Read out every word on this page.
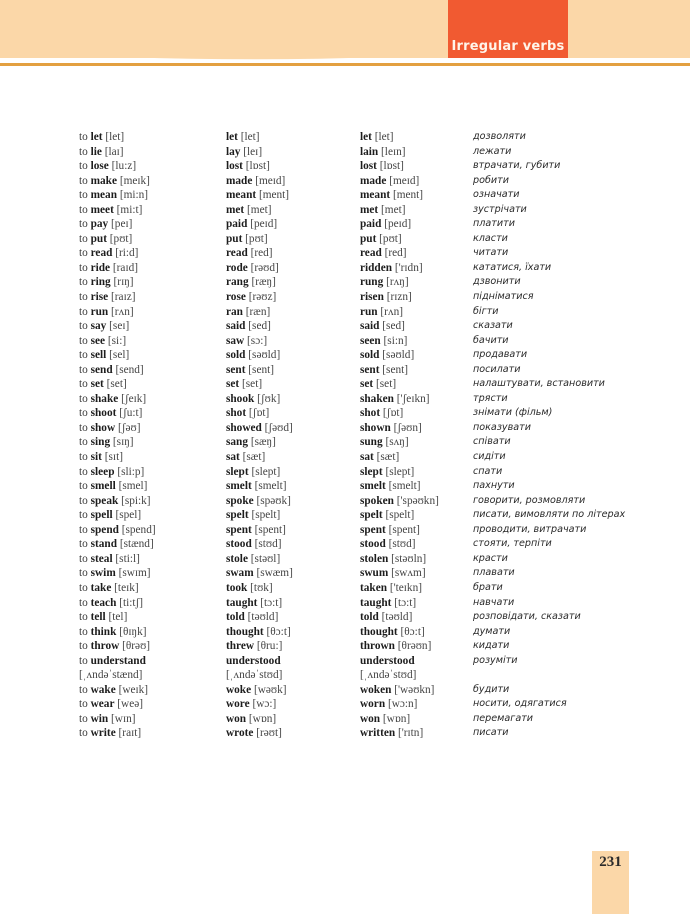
Irregular verbs
to let [let]	let [let]	let [let]	дозволяти
to lie [laɪ]	lay [leɪ]	lain [leɪn]	лежати
to lose [lu:z]	lost [lɒst]	lost [lɒst]	втрачати, губити
to make [meɪk]	made [meɪd]	made [meɪd]	робити
to mean [mi:n]	meant [ment]	meant [ment]	означати
to meet [mi:t]	met [met]	met [met]	зустрічати
to pay [peɪ]	paid [peɪd]	paid [peɪd]	платити
to put [pʊt]	put [pʊt]	put [pʊt]	класти
to read [ri:d]	read [red]	read [red]	читати
to ride [raɪd]	rode [rəʊd]	ridden ['rɪdn]	кататися, їхати
to ring [rɪŋ]	rang [ræŋ]	rung [rʌŋ]	дзвонити
to rise [raɪz]	rose [rəʊz]	risen [rɪzn]	підніматися
to run [rʌn]	ran [ræn]	run [rʌn]	бігти
to say [seɪ]	said [sed]	said [sed]	сказати
to see [si:]	saw [sɔ:]	seen [si:n]	бачити
to sell [sel]	sold [səʊld]	sold [səʊld]	продавати
to send [send]	sent [sent]	sent [sent]	посилати
to set [set]	set [set]	set [set]	налаштувати, встановити
to shake [ʃeɪk]	shook [ʃʊk]	shaken ['ʃeɪkn]	трясти
to shoot [ʃu:t]	shot [ʃɒt]	shot [ʃɒt]	знімати (фільм)
to show [ʃəʊ]	showed [ʃəʊd]	shown [ʃəʊn]	показувати
to sing [sɪŋ]	sang [sæŋ]	sung [sʌŋ]	співати
to sit [sɪt]	sat [sæt]	sat [sæt]	сидіти
to sleep [sli:p]	slept [slept]	slept [slept]	спати
to smell [smel]	smelt [smelt]	smelt [smelt]	пахнути
to speak [spi:k]	spoke [spəʊk]	spoken ['spəʊkn]	говорити, розмовляти
to spell [spel]	spelt [spelt]	spelt [spelt]	писати, вимовляти по літерах
to spend [spend]	spent [spent]	spent [spent]	проводити, витрачати
to stand [stænd]	stood [stʊd]	stood [stʊd]	стояти, терпіти
to steal [sti:l]	stole [stəʊl]	stolen [stəʊln]	красти
to swim [swɪm]	swam [swæm]	swum [swʌm]	плавати
to take [teɪk]	took [tʊk]	taken ['teɪkn]	брати
to teach [ti:tʃ]	taught [tɔ:t]	taught [tɔ:t]	навчати
to tell [tel]	told [təʊld]	told [təʊld]	розповідати, сказати
to think [θɪŋk]	thought [θɔ:t]	thought [θɔ:t]	думати
to throw [θrəʊ]	threw [θru:]	thrown [θrəʊn]	кидати
to understand	understood	understood	розуміти
[ˌʌndəˈstænd]	[ˌʌndəˈstʊd]	[ˌʌndəˈstʊd]
to wake [weɪk]	woke [wəʊk]	woken ['wəʊkn]	будити
to wear [weə]	wore [wɔ:]	worn [wɔ:n]	носити, одягатися
to win [wɪn]	won [wɒn]	won [wɒn]	перемагати
to write [raɪt]	wrote [rəʊt]	written ['rɪtn]	писати
231
